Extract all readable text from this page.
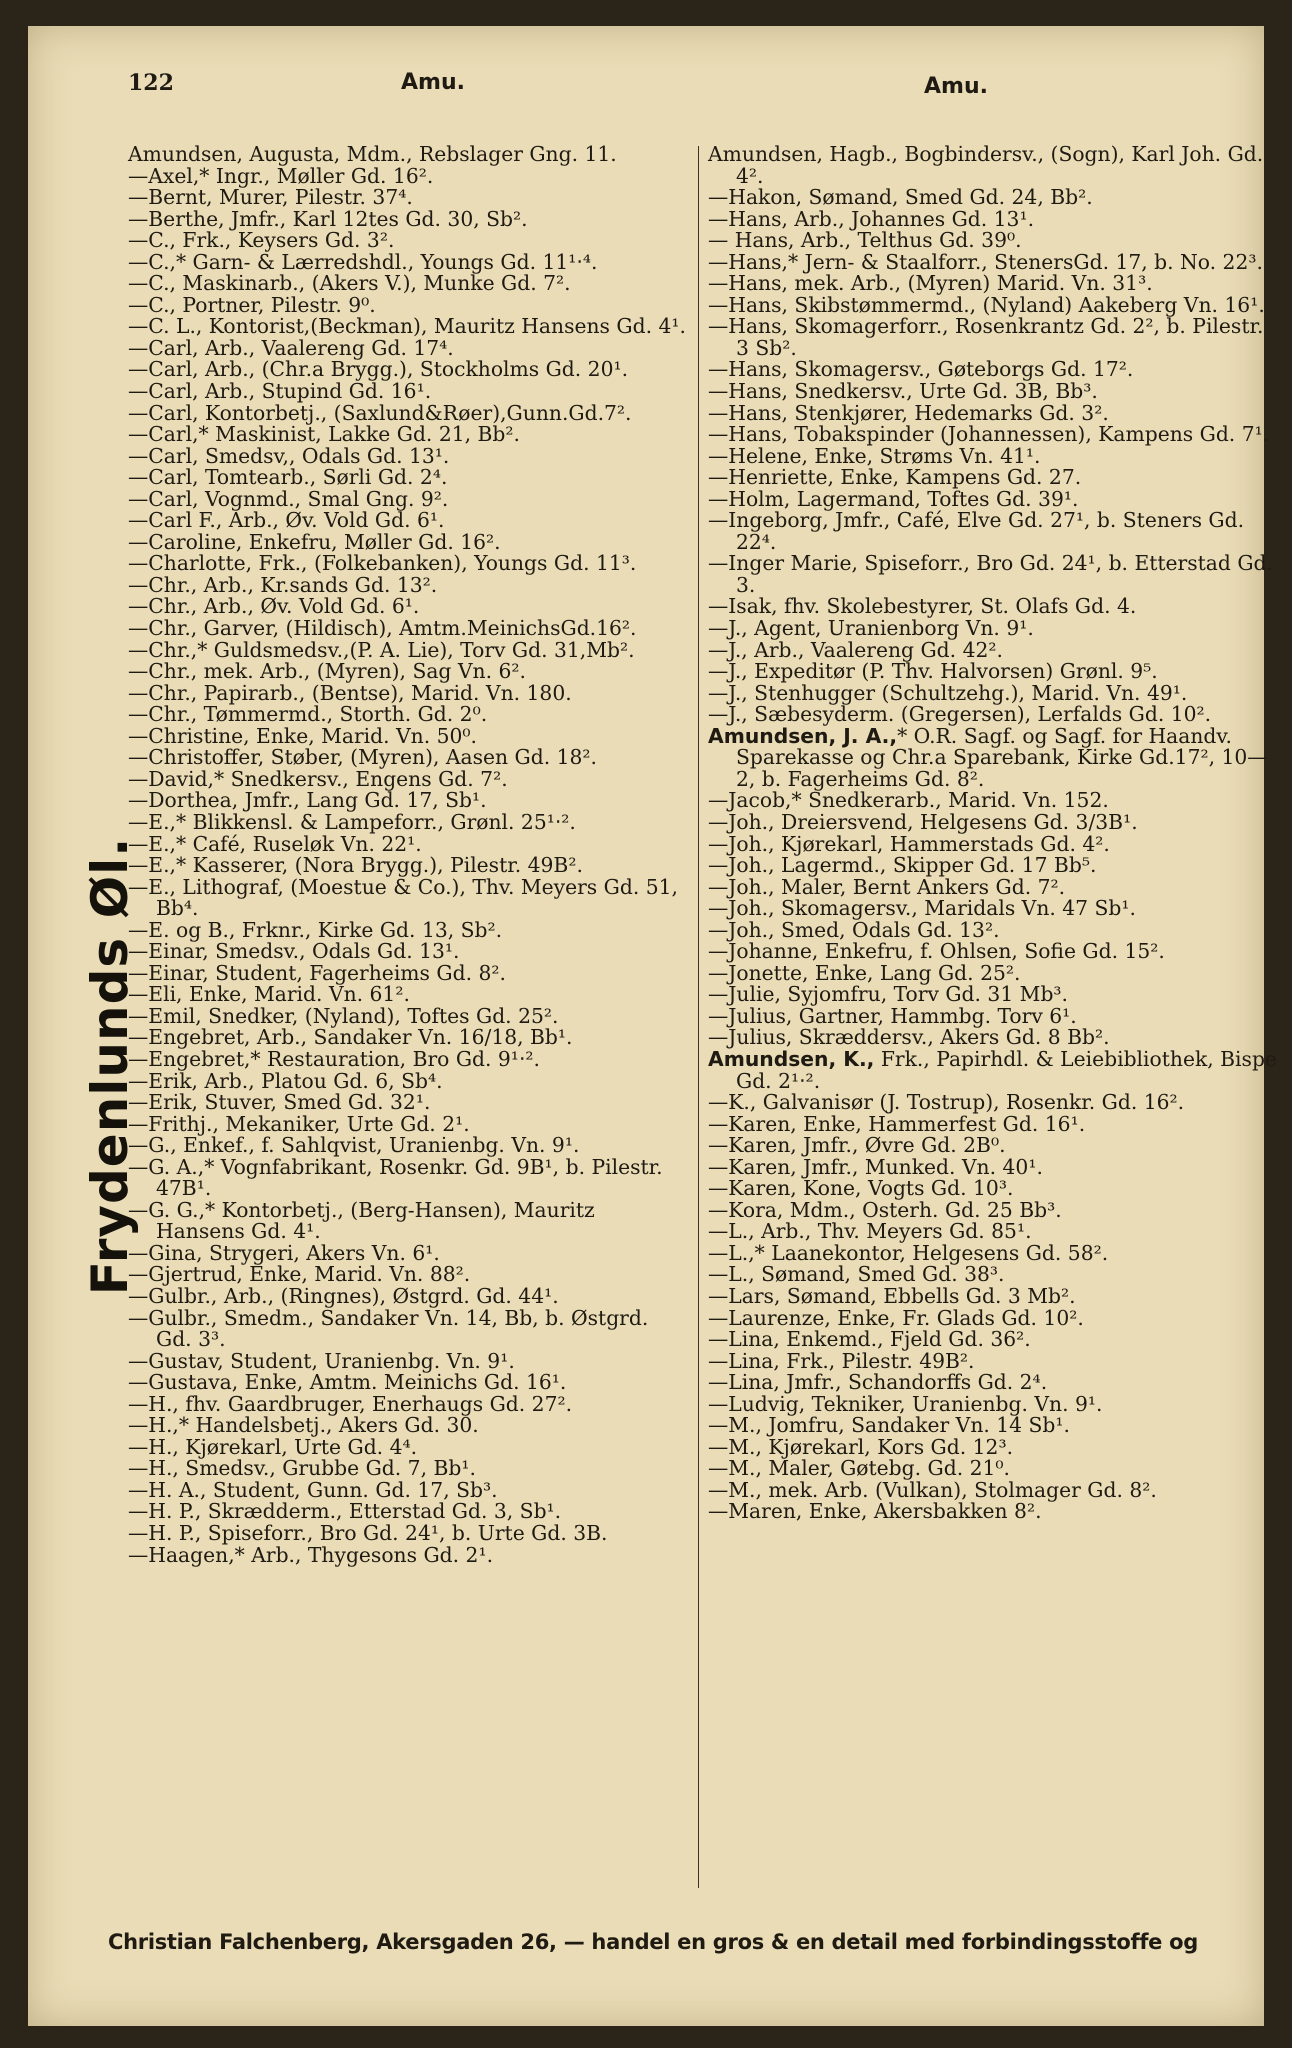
122	Amu.	Amu.
Frydenlunds Øl.
Amundsen, Augusta, Mdm., Rebslager Gng. 11.
—Axel,* Ingr., Møller Gd. 16².
—Bernt, Murer, Pilestr. 37⁴.
—Berthe, Jmfr., Karl 12tes Gd. 30, Sb².
—C., Frk., Keysers Gd. 3².
—C.,* Garn- & Lærredshdl., Youngs Gd. 11¹‧⁴.
—C., Maskinarb., (Akers V.), Munke Gd. 7².
—C., Portner, Pilestr. 9⁰.
—C. L., Kontorist,(Beckman), Mauritz Hansens Gd. 4¹.
—Carl, Arb., Vaalereng Gd. 17⁴.
—Carl, Arb., (Chr.a Brygg.), Stockholms Gd. 20¹.
—Carl, Arb., Stupind Gd. 16¹.
—Carl, Kontorbetj., (Saxlund&Røer),Gunn.Gd.7².
—Carl,* Maskinist, Lakke Gd. 21, Bb².
—Carl, Smedsv,, Odals Gd. 13¹.
—Carl, Tomtearb., Sørli Gd. 2⁴.
—Carl, Vognmd., Smal Gng. 9².
—Carl F., Arb., Øv. Vold Gd. 6¹.
—Caroline, Enkefru, Møller Gd. 16².
—Charlotte, Frk., (Folkebanken), Youngs Gd. 11³.
—Chr., Arb., Kr.sands Gd. 13².
—Chr., Arb., Øv. Vold Gd. 6¹.
—Chr., Garver, (Hildisch), Amtm.MeinichsGd.16².
—Chr.,* Guldsmedsv.,(P. A. Lie), Torv Gd. 31,Mb².
—Chr., mek. Arb., (Myren), Sag Vn. 6².
—Chr., Papirarb., (Bentse), Marid. Vn. 180.
—Chr., Tømmermd., Storth. Gd. 2⁰.
—Christine, Enke, Marid. Vn. 50⁰.
—Christoffer, Støber, (Myren), Aasen Gd. 18².
—David,* Snedkersv., Engens Gd. 7².
—Dorthea, Jmfr., Lang Gd. 17, Sb¹.
—E.,* Blikkensl. & Lampeforr., Grønl. 25¹‧².
—E.,* Café, Ruseløk Vn. 22¹.
—E.,* Kasserer, (Nora Brygg.), Pilestr. 49B².
—E., Lithograf, (Moestue & Co.), Thv. Meyers Gd. 51, Bb⁴.
—E. og B., Frknr., Kirke Gd. 13, Sb².
—Einar, Smedsv., Odals Gd. 13¹.
—Einar, Student, Fagerheims Gd. 8².
—Eli, Enke, Marid. Vn. 61².
—Emil, Snedker, (Nyland), Toftes Gd. 25².
—Engebret, Arb., Sandaker Vn. 16/18, Bb¹.
—Engebret,* Restauration, Bro Gd. 9¹‧².
—Erik, Arb., Platou Gd. 6, Sb⁴.
—Erik, Stuver, Smed Gd. 32¹.
—Frithj., Mekaniker, Urte Gd. 2¹.
—G., Enkef., f. Sahlqvist, Uranienbg. Vn. 9¹.
—G. A.,* Vognfabrikant, Rosenkr. Gd. 9B¹, b. Pilestr. 47B¹.
—G. G.,* Kontorbetj., (Berg-Hansen), Mauritz Hansens Gd. 4¹.
—Gina, Strygeri, Akers Vn. 6¹.
—Gjertrud, Enke, Marid. Vn. 88².
—Gulbr., Arb., (Ringnes), Østgrd. Gd. 44¹.
—Gulbr., Smedm., Sandaker Vn. 14, Bb, b. Østgrd. Gd. 3³.
—Gustav, Student, Uranienbg. Vn. 9¹.
—Gustava, Enke, Amtm. Meinichs Gd. 16¹.
—H., fhv. Gaardbruger, Enerhaugs Gd. 27².
—H.,* Handelsbetj., Akers Gd. 30.
—H., Kjørekarl, Urte Gd. 4⁴.
—H., Smedsv., Grubbe Gd. 7, Bb¹.
—H. A., Student, Gunn. Gd. 17, Sb³.
—H. P., Skrædderm., Etterstad Gd. 3, Sb¹.
—H. P., Spiseforr., Bro Gd. 24¹, b. Urte Gd. 3B.
—Haagen,* Arb., Thygesons Gd. 2¹.
Amundsen, Hagb., Bogbindersv., (Sogn), Karl Joh. Gd. 4².
—Hakon, Sømand, Smed Gd. 24, Bb².
—Hans, Arb., Johannes Gd. 13¹.
— Hans, Arb., Telthus Gd. 39⁰.
—Hans,* Jern- & Staalforr., StenersGd. 17, b. No. 22³.
—Hans, mek. Arb., (Myren) Marid. Vn. 31³.
—Hans, Skibstømmermd., (Nyland) Aakeberg Vn. 16¹.
—Hans, Skomagerforr., Rosenkrantz Gd. 2², b. Pilestr. 3 Sb².
—Hans, Skomagersv., Gøteborgs Gd. 17².
—Hans, Snedkersv., Urte Gd. 3B, Bb³.
—Hans, Stenkjører, Hedemarks Gd. 3².
—Hans, Tobakspinder (Johannessen), Kampens Gd. 7¹.
—Helene, Enke, Strøms Vn. 41¹.
—Henriette, Enke, Kampens Gd. 27.
—Holm, Lagermand, Toftes Gd. 39¹.
—Ingeborg, Jmfr., Café, Elve Gd. 27¹, b. Steners Gd. 22⁴.
—Inger Marie, Spiseforr., Bro Gd. 24¹, b. Etterstad Gd. 3.
—Isak, fhv. Skolebestyrer, St. Olafs Gd. 4.
—J., Agent, Uranienborg Vn. 9¹.
—J., Arb., Vaalereng Gd. 42².
—J., Expeditør (P. Thv. Halvorsen) Grønl. 9⁵.
—J., Stenhugger (Schultzehg.), Marid. Vn. 49¹.
—J., Sæbesyderm. (Gregersen), Lerfalds Gd. 10².
Amundsen, J. A.,* O.R. Sagf. og Sagf. for Haandv. Sparekasse og Chr.a Sparebank, Kirke Gd.17², 10—2, b. Fagerheims Gd. 8².
—Jacob,* Snedkerarb., Marid. Vn. 152.
—Joh., Dreiersvend, Helgesens Gd. 3/3B¹.
—Joh., Kjørekarl, Hammerstads Gd. 4².
—Joh., Lagermd., Skipper Gd. 17 Bb⁵.
—Joh., Maler, Bernt Ankers Gd. 7².
—Joh., Skomagersv., Maridals Vn. 47 Sb¹.
—Joh., Smed, Odals Gd. 13².
—Johanne, Enkefru, f. Ohlsen, Sofie Gd. 15².
—Jonette, Enke, Lang Gd. 25².
—Julie, Syjomfru, Torv Gd. 31 Mb³.
—Julius, Gartner, Hammbg. Torv 6¹.
—Julius, Skræddersv., Akers Gd. 8 Bb².
Amundsen, K., Frk., Papirhdl. & Leiebibliothek, Bispe Gd. 2¹‧².
—K., Galvanisør (J. Tostrup), Rosenkr. Gd. 16².
—Karen, Enke, Hammerfest Gd. 16¹.
—Karen, Jmfr., Øvre Gd. 2B⁰.
—Karen, Jmfr., Munked. Vn. 40¹.
—Karen, Kone, Vogts Gd. 10³.
—Kora, Mdm., Osterh. Gd. 25 Bb³.
—L., Arb., Thv. Meyers Gd. 85¹.
—L.,* Laanekontor, Helgesens Gd. 58².
—L., Sømand, Smed Gd. 38³.
—Lars, Sømand, Ebbells Gd. 3 Mb².
—Laurenze, Enke, Fr. Glads Gd. 10².
—Lina, Enkemd., Fjeld Gd. 36².
—Lina, Frk., Pilestr. 49B².
—Lina, Jmfr., Schandorffs Gd. 2⁴.
—Ludvig, Tekniker, Uranienbg. Vn. 9¹.
—M., Jomfru, Sandaker Vn. 14 Sb¹.
—M., Kjørekarl, Kors Gd. 12³.
—M., Maler, Gøtebg. Gd. 21⁰.
—M., mek. Arb. (Vulkan), Stolmager Gd. 8².
—Maren, Enke, Akersbakken 8².
Christian Falchenberg, Akersgaden 26, — handel en gros & en detail med forbindingsstoffe og
